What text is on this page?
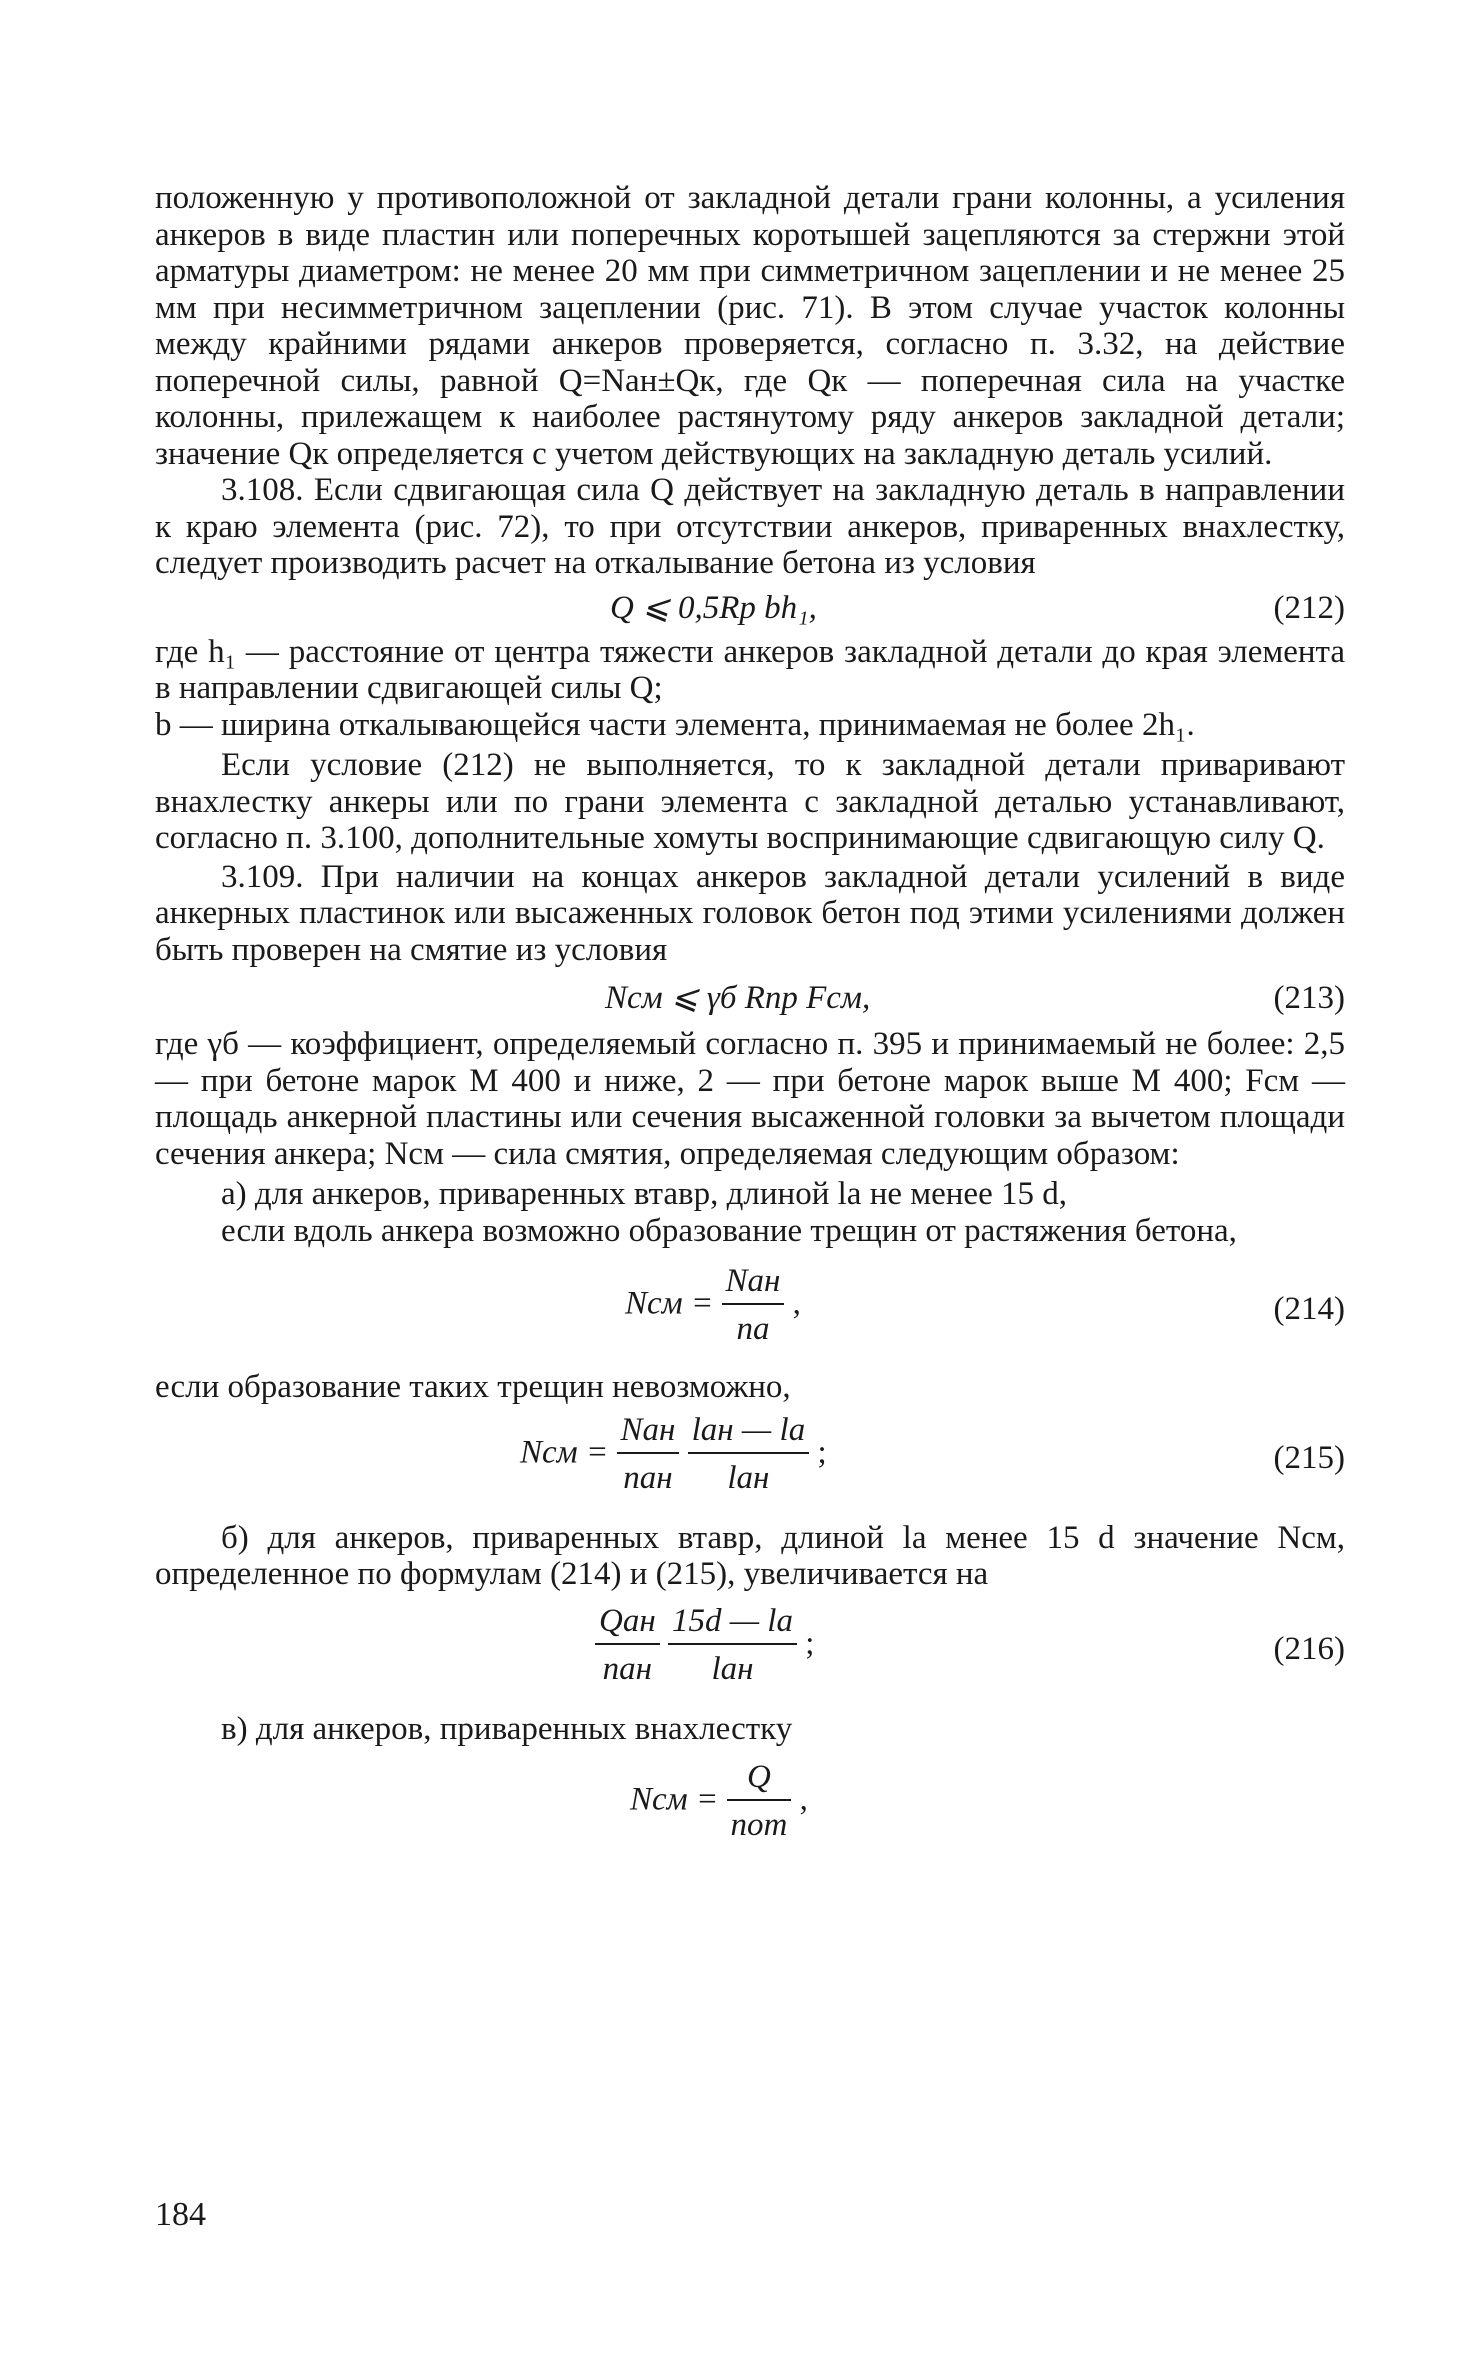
положенную у противоположной от закладной детали грани колонны, а усиления анкеров в виде пластин или поперечных коротышей зацепляются за стержни этой арматуры диаметром: не менее 20 мм при симметричном зацеплении и не менее 25 мм при несимметричном зацеплении (рис. 71). В этом случае участок колонны между крайними рядами анкеров проверяется, согласно п. 3.32, на действие поперечной силы, равной Q=Nан±Qк, где Qк — поперечная сила на участке колонны, прилежащем к наиболее растянутому ряду анкеров закладной детали; значение Qк определяется с учетом действующих на закладную деталь усилий.

3.108. Если сдвигающая сила Q действует на закладную деталь в направлении к краю элемента (рис. 72), то при отсутствии анкеров, приваренных внахлестку, следует производить расчет на откалывание бетона из условия

Q ⩽ 0,5Rр bh₁,	(212)

где h₁ — расстояние от центра тяжести анкеров закладной детали до края элемента в направлении сдвигающей силы Q;

b — ширина откалывающейся части элемента, принимаемая не более 2h₁.

Если условие (212) не выполняется, то к закладной детали приваривают внахлестку анкеры или по грани элемента с закладной деталью устанавливают, согласно п. 3.100, дополнительные хомуты воспринимающие сдвигающую силу Q.

3.109. При наличии на концах анкеров закладной детали усилений в виде анкерных пластинок или высаженных головок бетон под этими усилениями должен быть проверен на смятие из условия

Nсм ⩽ γб Rпр Fсм,	(213)

где γб — коэффициент, определяемый согласно п. 395 и принимаемый не более: 2,5 — при бетоне марок М 400 и ниже, 2 — при бетоне марок выше М 400; Fсм — площадь анкерной пластины или сечения высаженной головки за вычетом площади сечения анкера; Nсм — сила смятия, определяемая следующим образом:

а) для анкеров, приваренных втавр, длиной lа не менее 15 d,

если вдоль анкера возможно образование трещин от растяжения бетона,

Nсм = $\frac{\text{Nан}}{nа}$ ,	(214)

если образование таких трещин невозможно,

Nсм = $\frac{\text{Nан}}{\text{nан}}$
$\frac{\text{lан — lа}}{\text{lан}}$ ;	(215)

б) для анкеров, приваренных втавр, длиной lа менее 15 d значение Nсм, определенное по формулам (214) и (215), увеличивается на

$\frac{\text{Qан}}{\text{nан}}$
$\frac{15d — lа}{\text{lан}}$ ;	(216)

в) для анкеров, приваренных внахлестку

Nсм = $\frac{Q}{\text{nот}}$ ,
184
